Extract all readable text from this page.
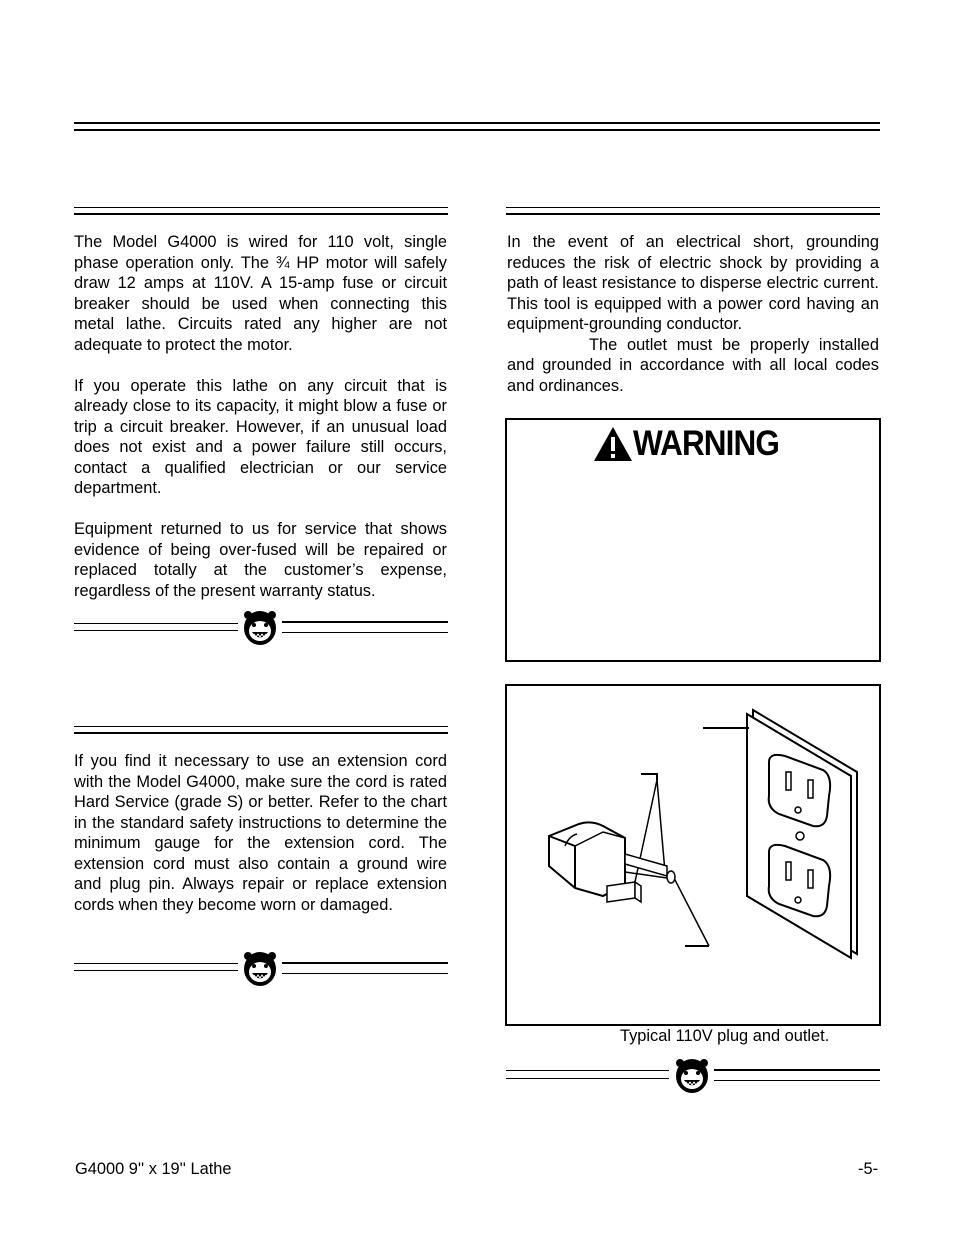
The Model G4000 is wired for 110 volt, single phase operation only. The ¾ HP motor will safely draw 12 amps at 110V. A 15-amp fuse or circuit breaker should be used when connecting this metal lathe. Circuits rated any higher are not adequate to protect the motor.

If you operate this lathe on any circuit that is already close to its capacity, it might blow a fuse or trip a circuit breaker. However, if an unusual load does not exist and a power failure still occurs, contact a qualified electrician or our service department.

Equipment returned to us for service that shows evidence of being over-fused will be repaired or replaced totally at the customer’s expense, regardless of the present warranty status.

If you find it necessary to use an extension cord with the Model G4000, make sure the cord is rated Hard Service (grade S) or better. Refer to the chart in the standard safety instructions to determine the minimum gauge for the extension cord. The extension cord must also contain a ground wire and plug pin. Always repair or replace extension cords when they become worn or damaged.

In the event of an electrical short, grounding reduces the risk of electric shock by providing a path of least resistance to disperse electric current. This tool is equipped with a power cord having an equipment-grounding conductor.

The outlet must be properly installed and grounded in accordance with all local codes and ordinances.

WARNING
Typical 110V plug and outlet.
G4000 9'' x 19'' Lathe	-5-
